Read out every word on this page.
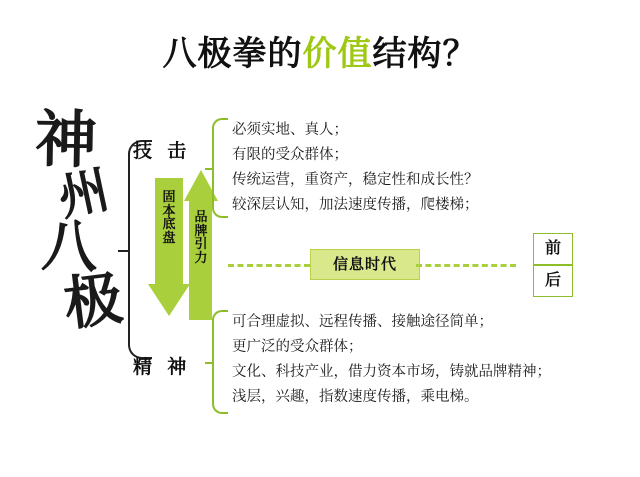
八极拳的价值结构？
神
州
八
极
技 击
精 神
固本底盘
品牌引力
必须实地、真人；
有限的受众群体；
传统运营，重资产，稳定性和成长性？
较深层认知，加法速度传播，爬楼梯；
可合理虚拟、远程传播、接触途径简单；
更广泛的受众群体；
文化、科技产业，借力资本市场，铸就品牌精神；
浅层，兴趣，指数速度传播，乘电梯。
信息时代
前
后
